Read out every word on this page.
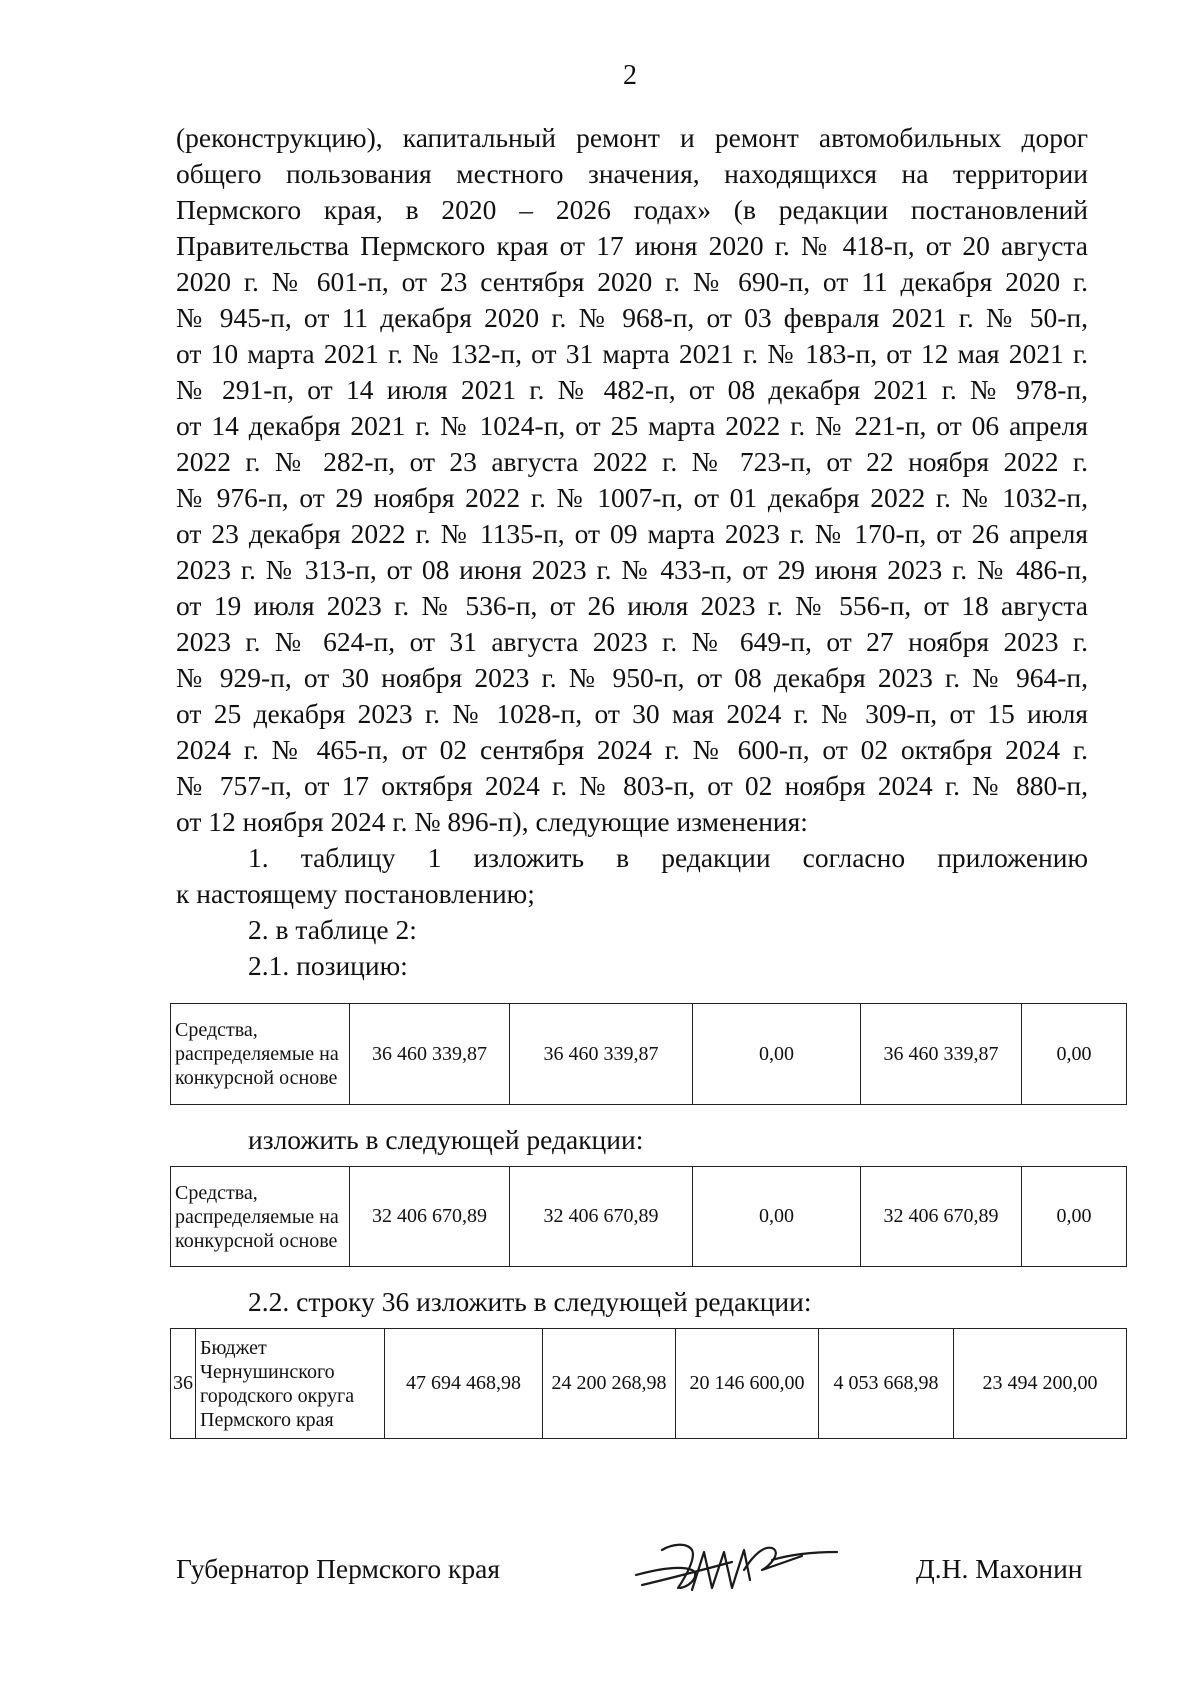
2
(реконструкцию), капитальный ремонт и ремонт автомобильных дорог
общего пользования местного значения, находящихся на территории
Пермского края, в 2020 – 2026 годах» (в редакции постановлений
Правительства Пермского края от 17 июня 2020 г. № 418-п, от 20 августа
2020 г. № 601-п, от 23 сентября 2020 г. № 690-п, от 11 декабря 2020 г.
№ 945-п, от 11 декабря 2020 г. № 968-п, от 03 февраля 2021 г. № 50-п,
от 10 марта 2021 г. № 132-п, от 31 марта 2021 г. № 183-п, от 12 мая 2021 г.
№ 291-п, от 14 июля 2021 г. № 482-п, от 08 декабря 2021 г. № 978-п,
от 14 декабря 2021 г. № 1024-п, от 25 марта 2022 г. № 221-п, от 06 апреля
2022 г. № 282-п, от 23 августа 2022 г. № 723-п, от 22 ноября 2022 г.
№ 976-п, от 29 ноября 2022 г. № 1007-п, от 01 декабря 2022 г. № 1032-п,
от 23 декабря 2022 г. № 1135-п, от 09 марта 2023 г. № 170-п, от 26 апреля
2023 г. № 313-п, от 08 июня 2023 г. № 433-п, от 29 июня 2023 г. № 486-п,
от 19 июля 2023 г. № 536-п, от 26 июля 2023 г. № 556-п, от 18 августа
2023 г. № 624-п, от 31 августа 2023 г. № 649-п, от 27 ноября 2023 г.
№ 929-п, от 30 ноября 2023 г. № 950-п, от 08 декабря 2023 г. № 964-п,
от 25 декабря 2023 г. № 1028-п, от 30 мая 2024 г. № 309-п, от 15 июля
2024 г. № 465-п, от 02 сентября 2024 г. № 600-п, от 02 октября 2024 г.
№ 757-п, от 17 октября 2024 г. № 803-п, от 02 ноября 2024 г. № 880-п,
от 12 ноября 2024 г. № 896-п), следующие изменения:
1. таблицу 1 изложить в редакции согласно приложению
к настоящему постановлению;
2. в таблице 2:
2.1. позицию:
Средства, распределяемые на конкурсной основе	36 460 339,87	36 460 339,87	0,00	36 460 339,87	0,00
изложить в следующей редакции:
Средства, распределяемые на конкурсной основе	32 406 670,89	32 406 670,89	0,00	32 406 670,89	0,00
2.2. строку 36 изложить в следующей редакции:
36	Бюджет Чернушинского городского округа Пермского края	47 694 468,98	24 200 268,98	20 146 600,00	4 053 668,98	23 494 200,00
Губернатор Пермского края	Д.Н. Махонин
